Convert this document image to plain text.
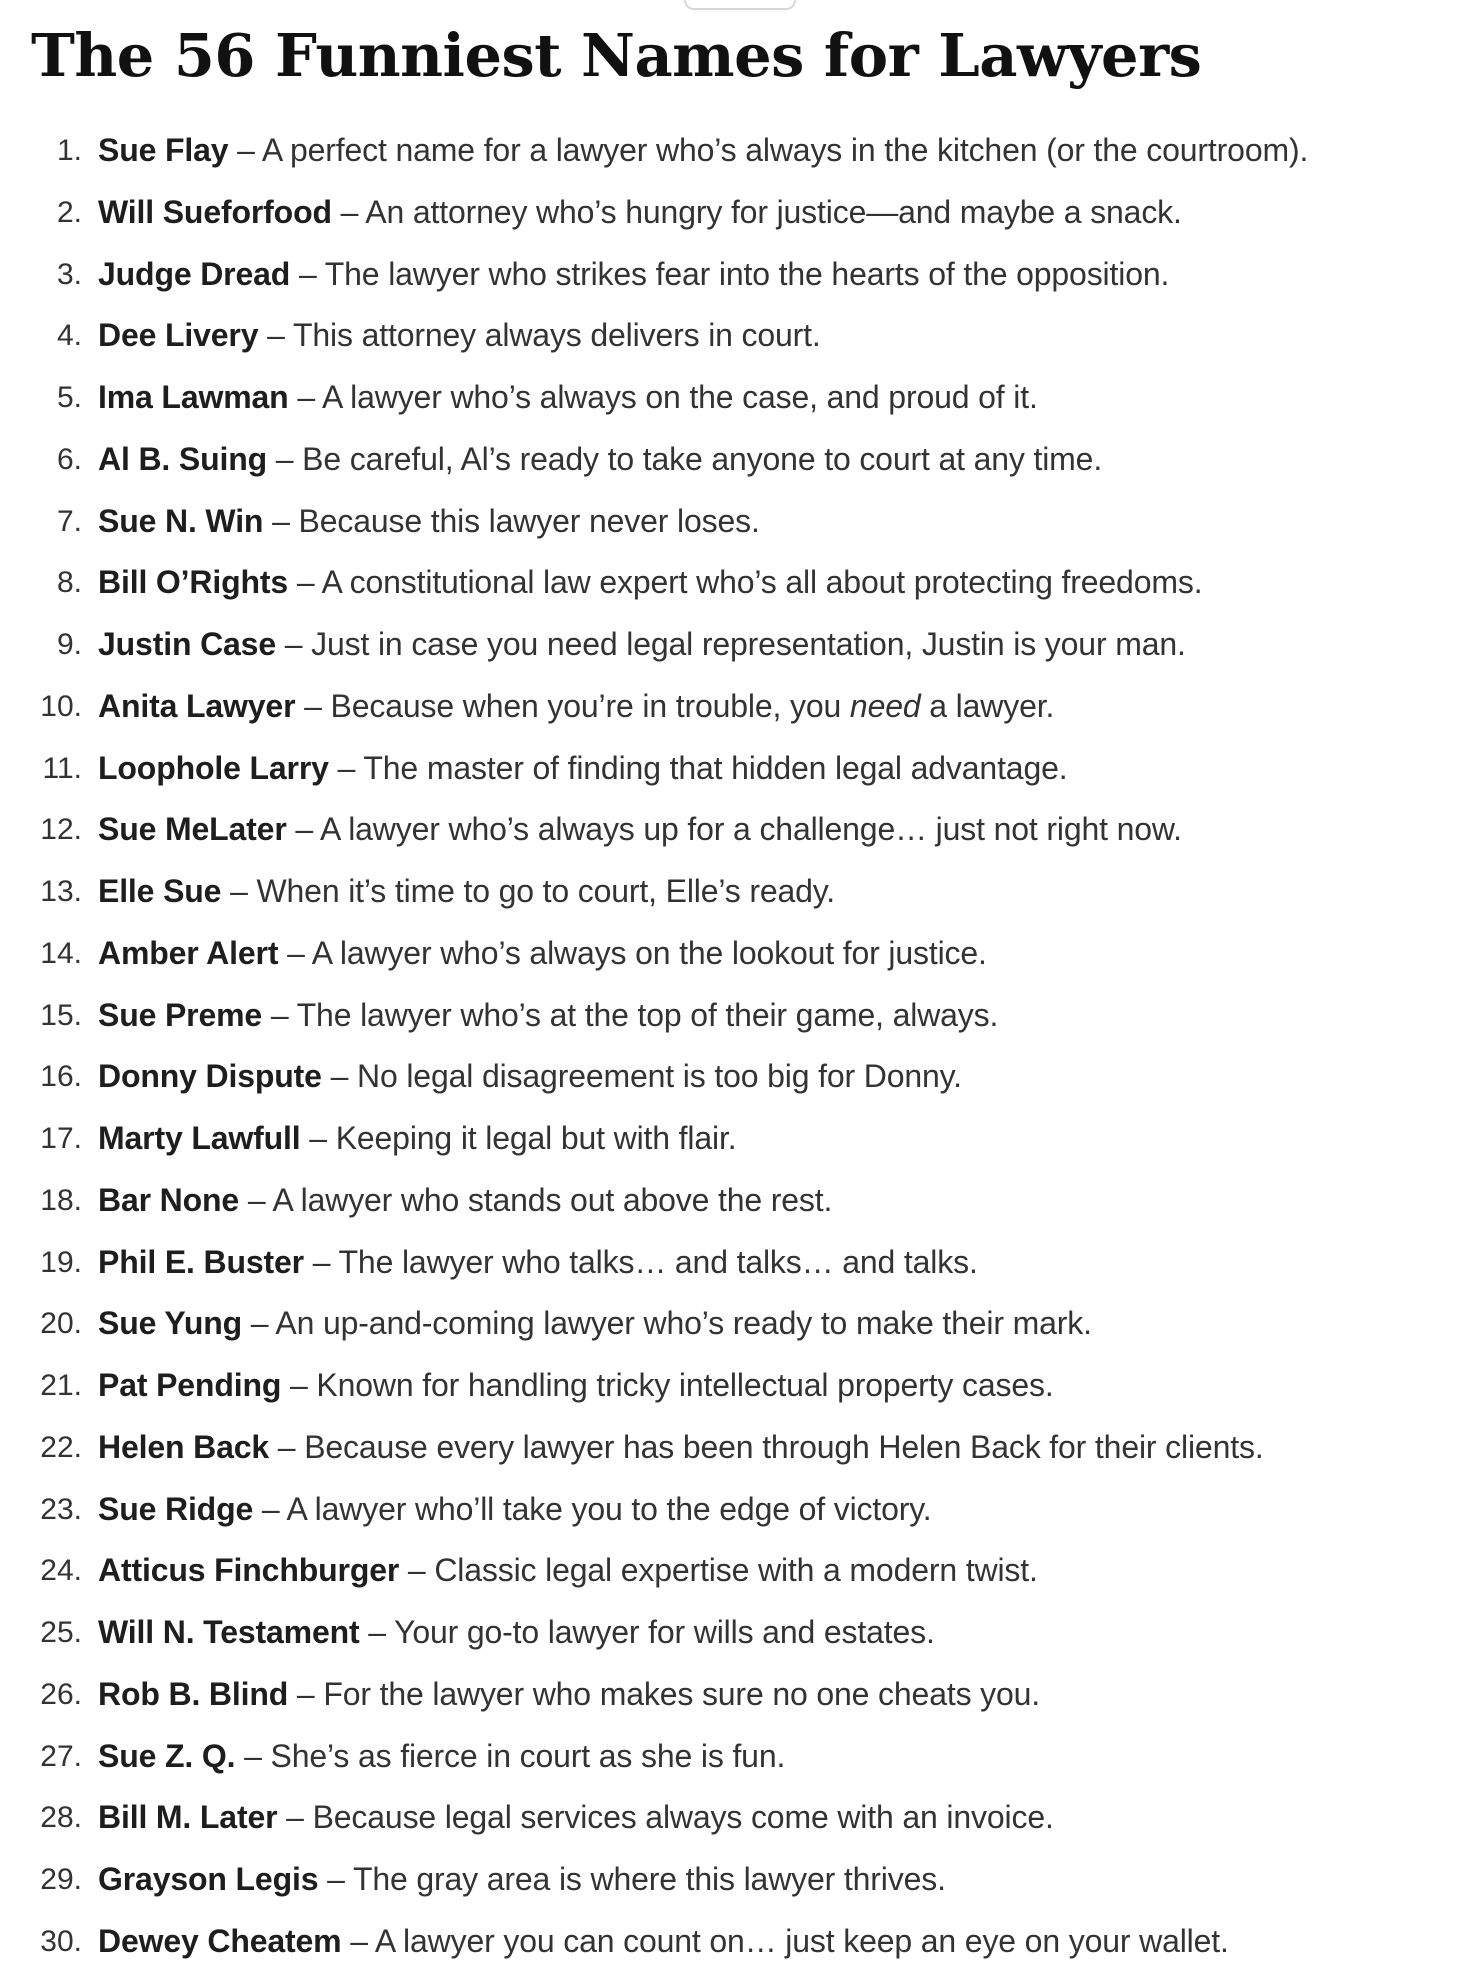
The 56 Funniest Names for Lawyers
1. Sue Flay – A perfect name for a lawyer who’s always in the kitchen (or the courtroom).
2. Will Sueforfood – An attorney who’s hungry for justice—and maybe a snack.
3. Judge Dread – The lawyer who strikes fear into the hearts of the opposition.
4. Dee Livery – This attorney always delivers in court.
5. Ima Lawman – A lawyer who’s always on the case, and proud of it.
6. Al B. Suing – Be careful, Al’s ready to take anyone to court at any time.
7. Sue N. Win – Because this lawyer never loses.
8. Bill O’Rights – A constitutional law expert who’s all about protecting freedoms.
9. Justin Case – Just in case you need legal representation, Justin is your man.
10. Anita Lawyer – Because when you’re in trouble, you need a lawyer.
11. Loophole Larry – The master of finding that hidden legal advantage.
12. Sue MeLater – A lawyer who’s always up for a challenge… just not right now.
13. Elle Sue – When it’s time to go to court, Elle’s ready.
14. Amber Alert – A lawyer who’s always on the lookout for justice.
15. Sue Preme – The lawyer who’s at the top of their game, always.
16. Donny Dispute – No legal disagreement is too big for Donny.
17. Marty Lawfull – Keeping it legal but with flair.
18. Bar None – A lawyer who stands out above the rest.
19. Phil E. Buster – The lawyer who talks… and talks… and talks.
20. Sue Yung – An up-and-coming lawyer who’s ready to make their mark.
21. Pat Pending – Known for handling tricky intellectual property cases.
22. Helen Back – Because every lawyer has been through Helen Back for their clients.
23. Sue Ridge – A lawyer who’ll take you to the edge of victory.
24. Atticus Finchburger – Classic legal expertise with a modern twist.
25. Will N. Testament – Your go-to lawyer for wills and estates.
26. Rob B. Blind – For the lawyer who makes sure no one cheats you.
27. Sue Z. Q. – She’s as fierce in court as she is fun.
28. Bill M. Later – Because legal services always come with an invoice.
29. Grayson Legis – The gray area is where this lawyer thrives.
30. Dewey Cheatem – A lawyer you can count on… just keep an eye on your wallet.
